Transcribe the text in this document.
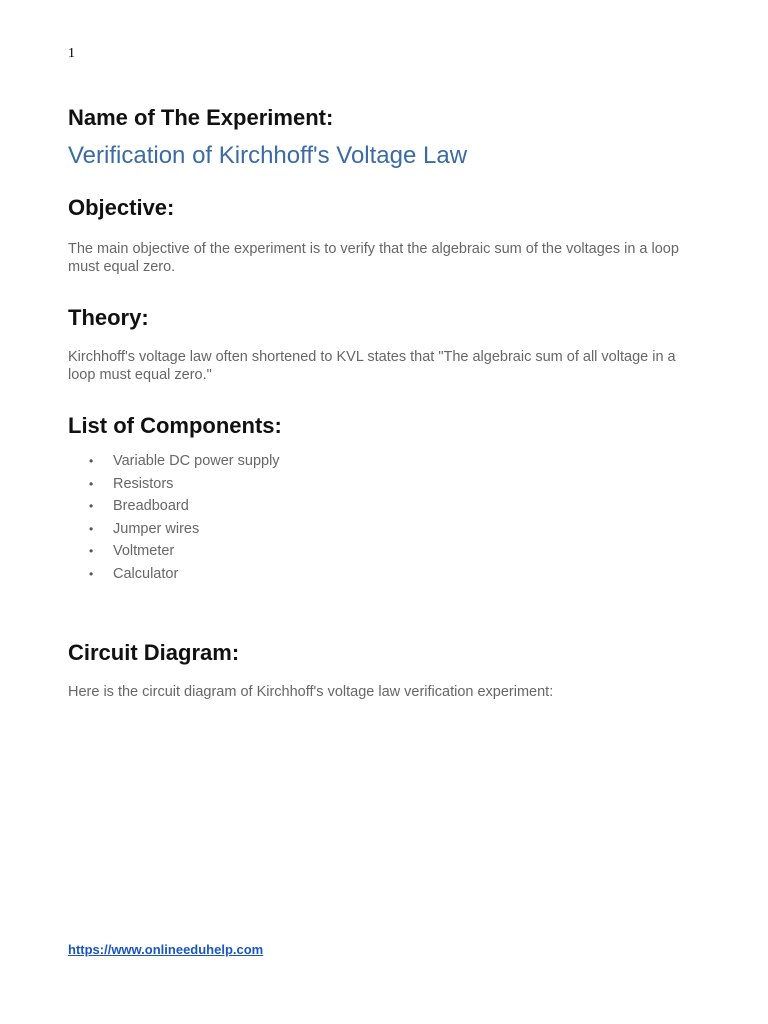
1
Name of The Experiment:
Verification of Kirchhoff's Voltage Law
Objective:

The main objective of the experiment is to verify that the algebraic sum of the voltages in a loop must equal zero.

Theory:

Kirchhoff's voltage law often shortened to KVL states that "The algebraic sum of all voltage in a loop must equal zero."

List of Components:
• Variable DC power supply
• Resistors
• Breadboard
• Jumper wires
• Voltmeter
• Calculator
Circuit Diagram:

Here is the circuit diagram of Kirchhoff's voltage law verification experiment:

https://www.onlineeduhelp.com
